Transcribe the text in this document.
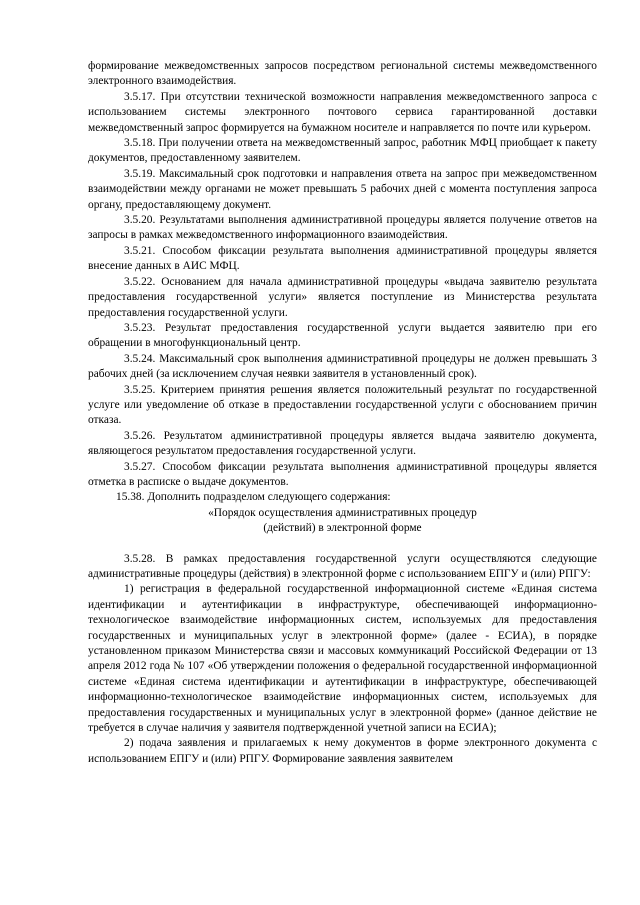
формирование межведомственных запросов посредством региональной системы межведомственного электронного взаимодействия.

3.5.17. При отсутствии технической возможности направления межведомственного запроса с использованием системы электронного почтового сервиса гарантированной доставки межведомственный запрос формируется на бумажном носителе и направляется по почте или курьером.

3.5.18. При получении ответа на межведомственный запрос, работник МФЦ приобщает к пакету документов, предоставленному заявителем.

3.5.19. Максимальный срок подготовки и направления ответа на запрос при межведомственном взаимодействии между органами не может превышать 5 рабочих дней с момента поступления запроса органу, предоставляющему документ.

3.5.20. Результатами выполнения административной процедуры является получение ответов на запросы в рамках межведомственного информационного взаимодействия.

3.5.21. Способом фиксации результата выполнения административной процедуры является внесение данных в АИС МФЦ.

3.5.22. Основанием для начала административной процедуры «выдача заявителю результата предоставления государственной услуги» является поступление из Министерства результата предоставления государственной услуги.

3.5.23. Результат предоставления государственной услуги выдается заявителю при его обращении в многофункциональный центр.

3.5.24. Максимальный срок выполнения административной процедуры не должен превышать 3 рабочих дней (за исключением случая неявки заявителя в установленный срок).

3.5.25. Критерием принятия решения является положительный результат по государственной услуге или уведомление об отказе в предоставлении государственной услуги с обоснованием причин отказа.

3.5.26. Результатом административной процедуры является выдача заявителю документа, являющегося результатом предоставления государственной услуги.

3.5.27. Способом фиксации результата выполнения административной процедуры является отметка в расписке о выдаче документов.

15.38. Дополнить подразделом следующего содержания:

«Порядок осуществления административных процедур

(действий) в электронной форме

3.5.28. В рамках предоставления государственной услуги осуществляются следующие административные процедуры (действия) в электронной форме с использованием ЕПГУ и (или) РПГУ:

1) регистрация в федеральной государственной информационной системе «Единая система идентификации и аутентификации в инфраструктуре, обеспечивающей информационно-технологическое взаимодействие информационных систем, используемых для предоставления государственных и муниципальных услуг в электронной форме» (далее - ЕСИА), в порядке установленном приказом Министерства связи и массовых коммуникаций Российской Федерации от 13 апреля 2012 года № 107 «Об утверждении положения о федеральной государственной информационной системе «Единая система идентификации и аутентификации в инфраструктуре, обеспечивающей информационно-технологическое взаимодействие информационных систем, используемых для предоставления государственных и муниципальных услуг в электронной форме» (данное действие не требуется в случае наличия у заявителя подтвержденной учетной записи на ЕСИА);

2) подача заявления и прилагаемых к нему документов в форме электронного документа с использованием ЕПГУ и (или) РПГУ. Формирование заявления заявителем
